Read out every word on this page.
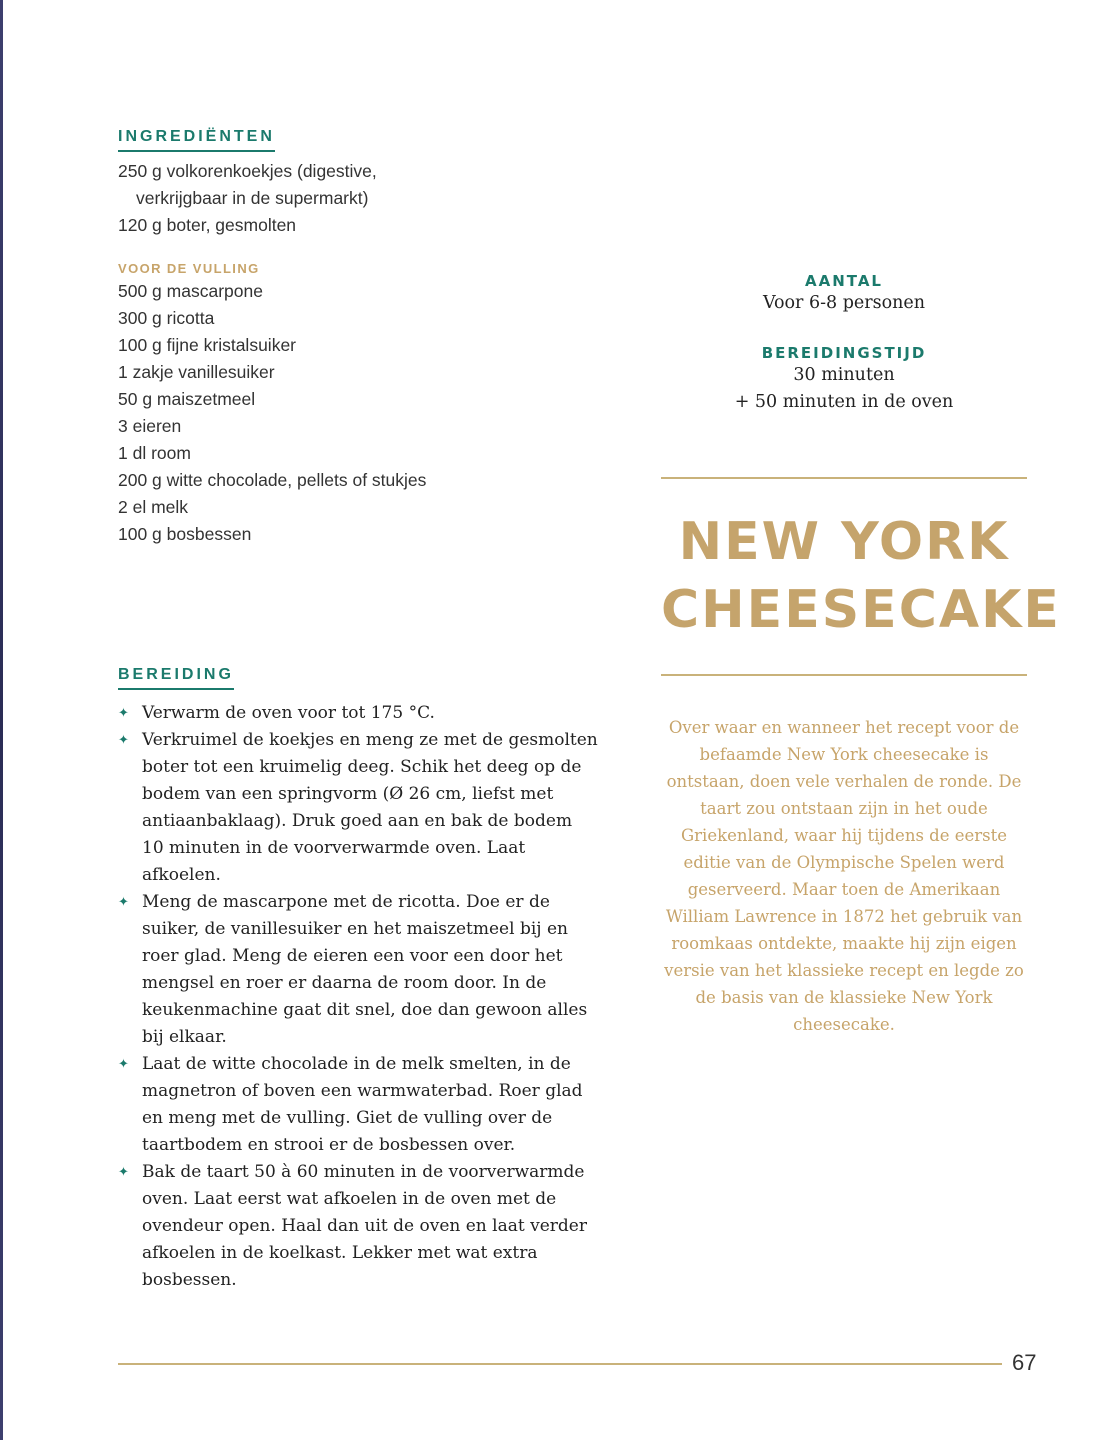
INGREDIËNTEN
250 g volkorenkoekjes (digestive,
verkrijgbaar in de supermarkt)
120 g boter, gesmolten
VOOR DE VULLING
500 g mascarpone
300 g ricotta
100 g fijne kristalsuiker
1 zakje vanillesuiker
50 g maiszetmeel
3 eieren
1 dl room
200 g witte chocolade, pellets of stukjes
2 el melk
100 g bosbessen
BEREIDING
✦ Verwarm de oven voor tot 175 °C.
✦ Verkruimel de koekjes en meng ze met de gesmolten boter tot een kruimelig deeg. Schik het deeg op de bodem van een springvorm (Ø 26 cm, liefst met antiaanbaklaag). Druk goed aan en bak de bodem 10 minuten in de voorverwarmde oven. Laat afkoelen.
✦ Meng de mascarpone met de ricotta. Doe er de suiker, de vanillesuiker en het maiszetmeel bij en roer glad. Meng de eieren een voor een door het mengsel en roer er daarna de room door. In de keukenmachine gaat dit snel, doe dan gewoon alles bij elkaar.
✦ Laat de witte chocolade in de melk smelten, in de magnetron of boven een warmwaterbad. Roer glad en meng met de vulling. Giet de vulling over de taartbodem en strooi er de bosbessen over.
✦ Bak de taart 50 à 60 minuten in de voorverwarmde oven. Laat eerst wat afkoelen in de oven met de ovendeur open. Haal dan uit de oven en laat verder afkoelen in de koelkast. Lekker met wat extra bosbessen.
AANTAL
Voor 6-8 personen
BEREIDINGSTIJD
30 minuten
+ 50 minuten in de oven
NEW YORK
CHEESECAKE
Over waar en wanneer het recept voor de befaamde New York cheesecake is ontstaan, doen vele verhalen de ronde. De taart zou ontstaan zijn in het oude Griekenland, waar hij tijdens de eerste editie van de Olympische Spelen werd geserveerd. Maar toen de Amerikaan William Lawrence in 1872 het gebruik van roomkaas ontdekte, maakte hij zijn eigen versie van het klassieke recept en legde zo de basis van de klassieke New York cheesecake.
67
